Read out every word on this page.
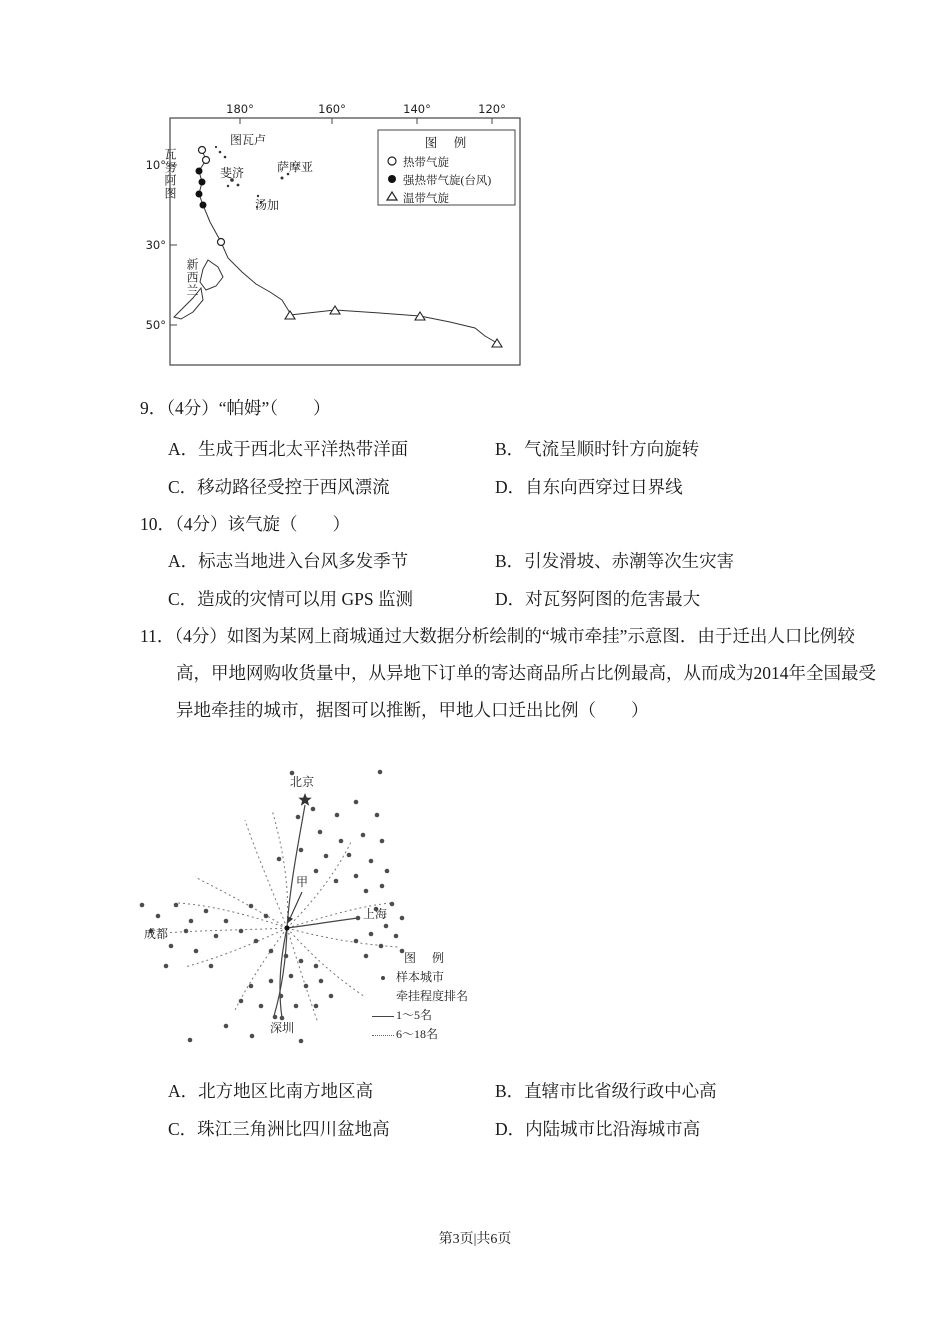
180°	160°	140°	120°
10°
30°
50°
图　例
热带气旋
强热带气旋(台风)
温带气旋
图瓦卢
瓦努阿图	斐济	萨摩亚
汤加
新西兰
9．（4分）“帕姆”（　　）
A．生成于西北太平洋热带洋面	B．气流呈顺时针方向旋转
C．移动路径受控于西风漂流	D．自东向西穿过日界线
10．（4分）该气旋（　　）
A．标志当地进入台风多发季节	B．引发滑坡、赤潮等次生灾害
C．造成的灾情可以用 GPS 监测	D．对瓦努阿图的危害最大
11．（4分）如图为某网上商城通过大数据分析绘制的“城市牵挂”示意图．由于迁出人口比例较高，甲地网购收货量中，从异地下订单的寄达商品所占比例最高，从而成为2014年全国最受异地牵挂的城市，据图可以推断，甲地人口迁出比例（　　）
北京
甲
上海
成都
深圳
图　例
样本城市
牵挂程度排名
1～5名
6～18名
A．北方地区比南方地区高	B．直辖市比省级行政中心高
C．珠江三角洲比四川盆地高	D．内陆城市比沿海城市高
第3页|共6页
